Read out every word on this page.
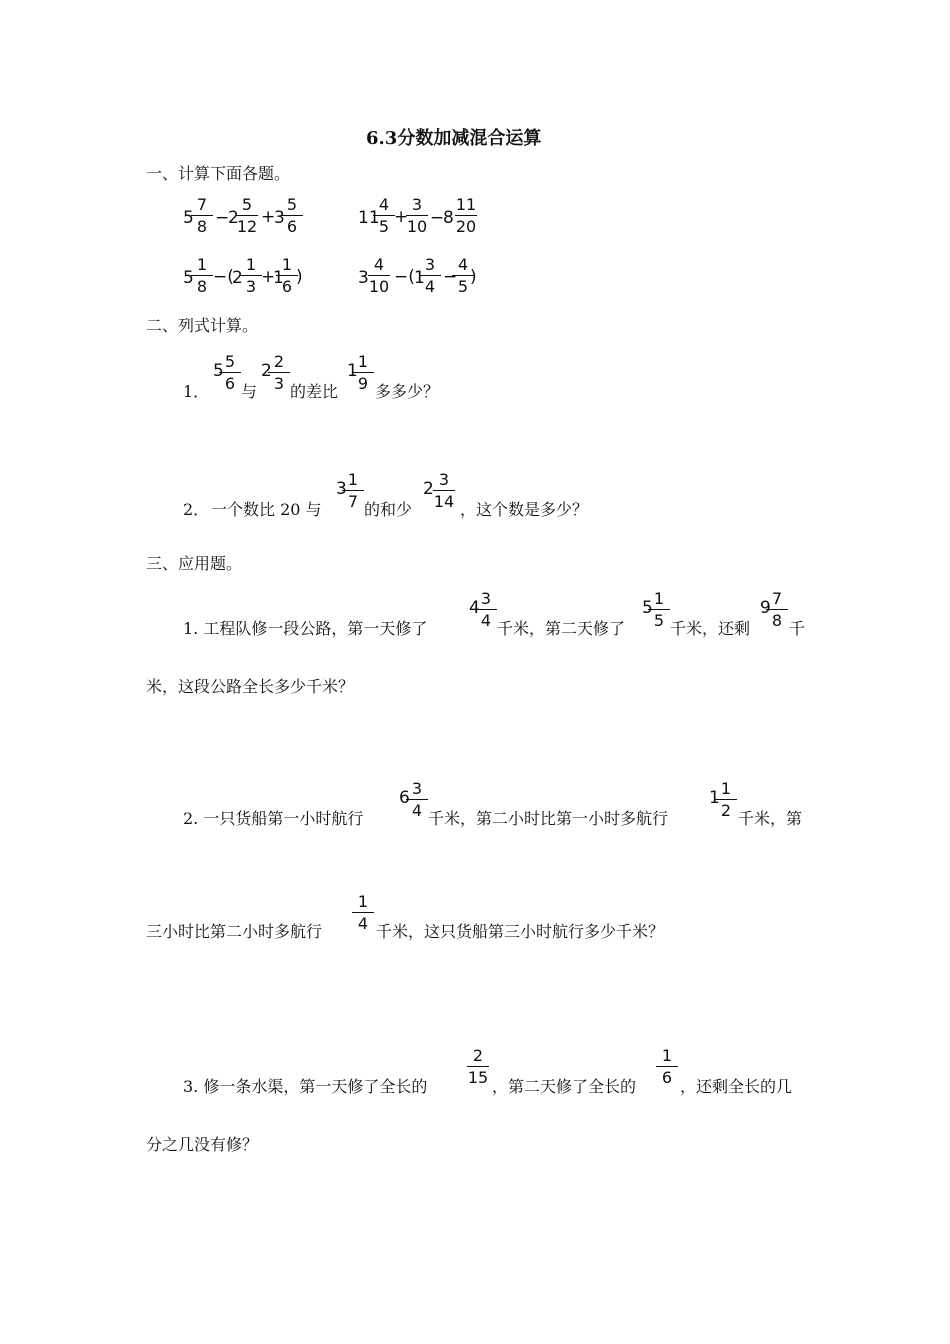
6.3分数加减混合运算
一、计算下面各题。
5
7
8 −
2
5
12 +
3
5
6	11
4
5 +
3
10 −
8
11
20
5
1
8 −(
2
1
3 +
1
1
6 )	3
4
10 −( 1
3
4 −
4
5 )
二、列式计算。
1．
5 5
6 与
2 2
3 的差比
1 1
9 多多少？
2． 一个数比 20 与
3 1
7 的和少
2 3
14 ，这个数是多少？
三、应用题。
1. 工程队修一段公路，第一天修了
4 3
4 千米，第二天修了
5 1
5 千米，还剩
9 7
8 千
米，这段公路全长多少千米？
2. 一只货船第一小时航行
6 3
4 千米，第二小时比第一小时多航行
1 1
2 千米，第
三小时比第二小时多航行
1
4 千米，这只货船第三小时航行多少千米？
3. 修一条水渠，第一天修了全长的
2
15 ，第二天修了全长的
1
6 ，还剩全长的几
分之几没有修？
